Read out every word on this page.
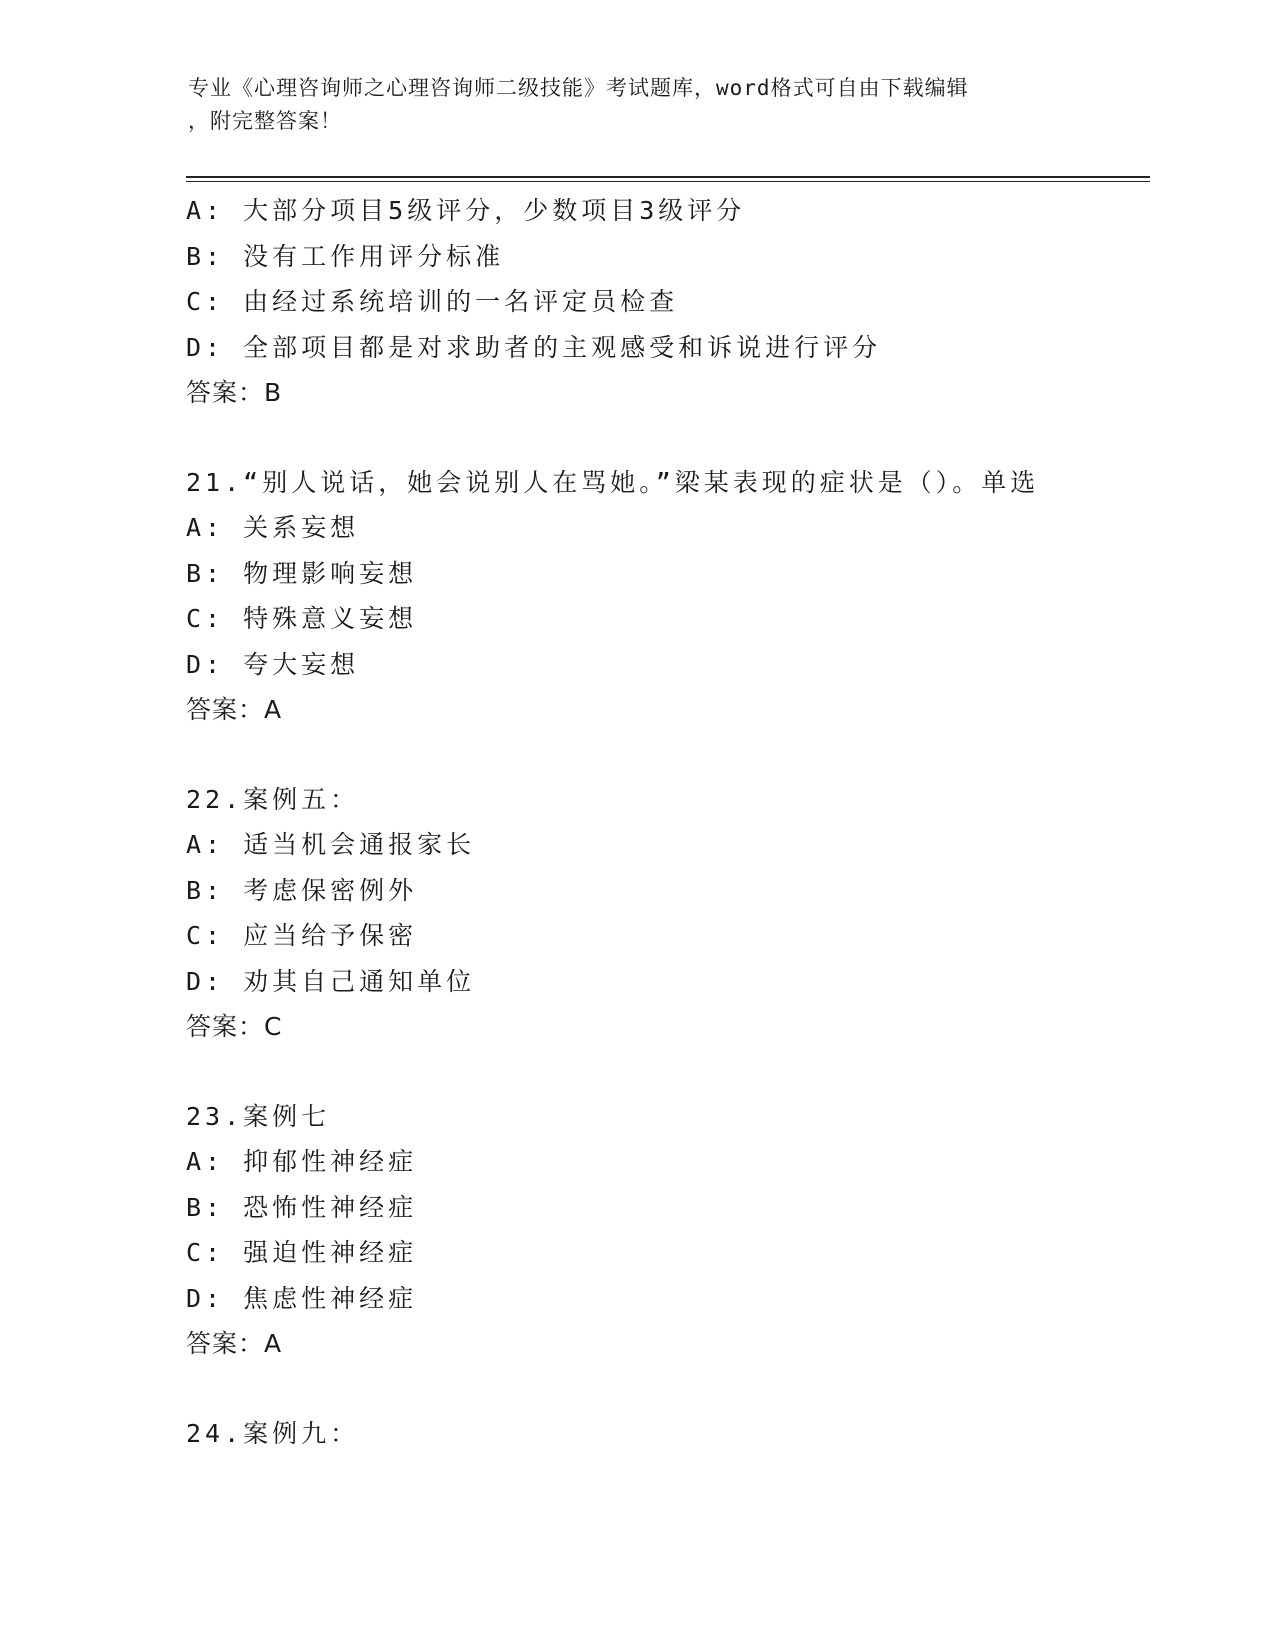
专业《心理咨询师之心理咨询师二级技能》考试题库，word格式可自由下载编辑
，附完整答案！
A: 大部分项目5级评分，少数项目3级评分
B: 没有工作用评分标准
C: 由经过系统培训的一名评定员检查
D: 全部项目都是对求助者的主观感受和诉说进行评分
答案：B
21.“别人说话，她会说别人在骂她。”梁某表现的症状是（）。单选
A: 关系妄想
B: 物理影响妄想
C: 特殊意义妄想
D: 夸大妄想
答案：A
22.案例五：
A: 适当机会通报家长
B: 考虑保密例外
C: 应当给予保密
D: 劝其自己通知单位
答案：C
23.案例七
A: 抑郁性神经症
B: 恐怖性神经症
C: 强迫性神经症
D: 焦虑性神经症
答案：A
24.案例九：
